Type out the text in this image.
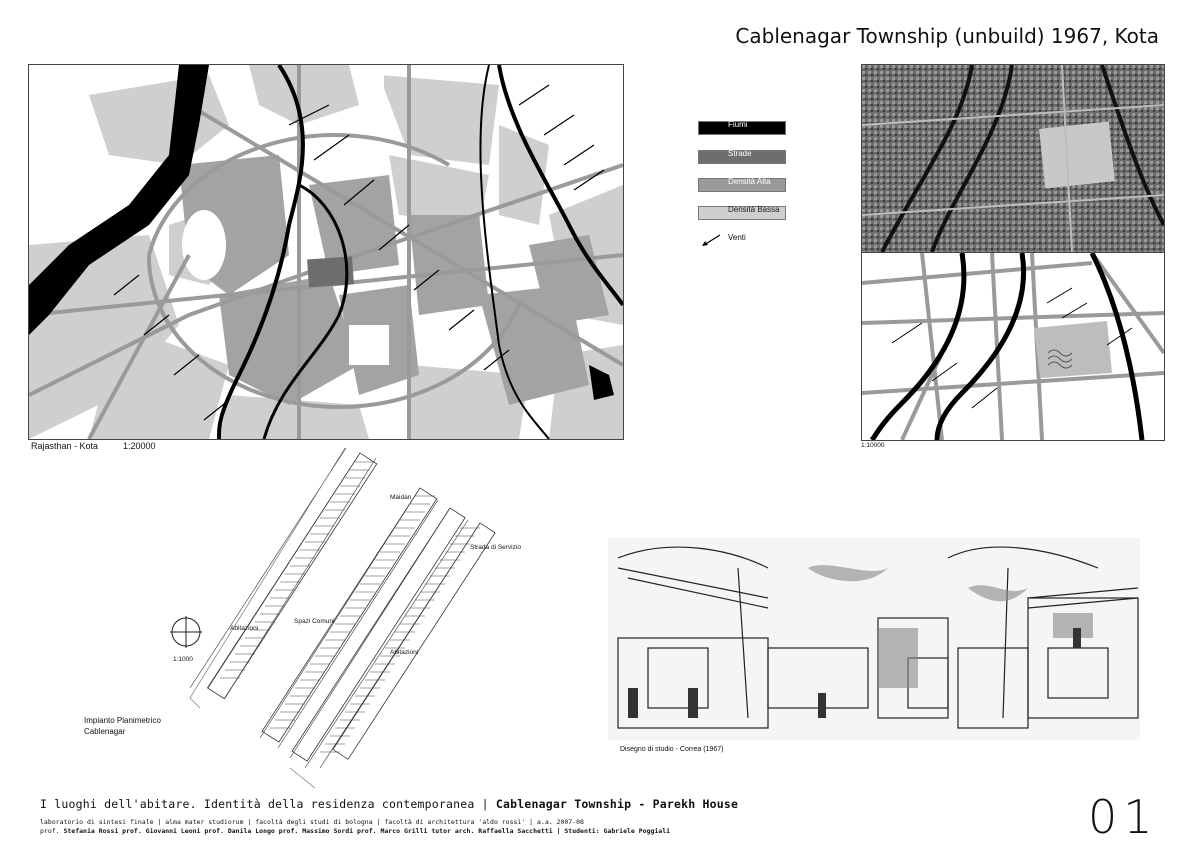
Cablenagar Township (unbuild) 1967, Kota
Rajasthan - Kota	1:20000
Fiumi
Strade
Densità Alta
Densità Bassa
Venti
1:10000
Maidan
Strada di Servizio
Spazi Comuni
Abitazioni
Abitazioni
1:1000
Impianto Planimetrico
Cablenagar
Disegno di studio - Correa (1967)
I luoghi dell'abitare. Identità della residenza contemporanea | Cablenagar Township - Parekh House
laboratorio di sintesi finale | alma mater studiorum | facoltà degli studi di bologna | facoltà di architettura 'aldo rossi' | a.a. 2007-08
prof. Stefania Rossi prof. Giovanni Leoni prof. Danila Longo prof. Massimo Sordi prof. Marco Grilli tutor arch. Raffaella Sacchetti | Studenti: Gabriele Poggiali	01
